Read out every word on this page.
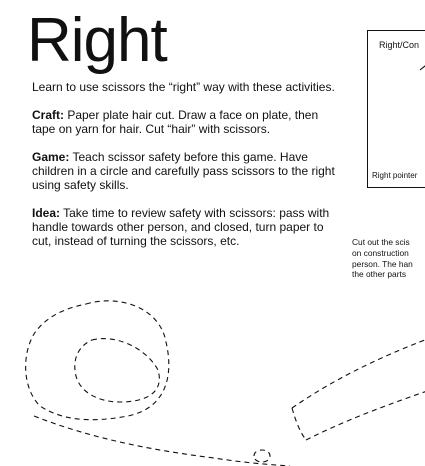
Right

Learn to use scissors the “right” way with these activities.

Craft: Paper plate hair cut. Draw a face on plate, then
tape on yarn for hair. Cut “hair” with scissors.

Game: Teach scissor safety before this game. Have
children in a circle and carefully pass scissors to the right
using safety skills.

Idea: Take time to review safety with scissors: pass with
handle towards other person, and closed, turn paper to
cut, instead of turning the scissors, etc.

Right/Con
Right pointer
Cut out the scis
on construction
person. The han
the other parts
